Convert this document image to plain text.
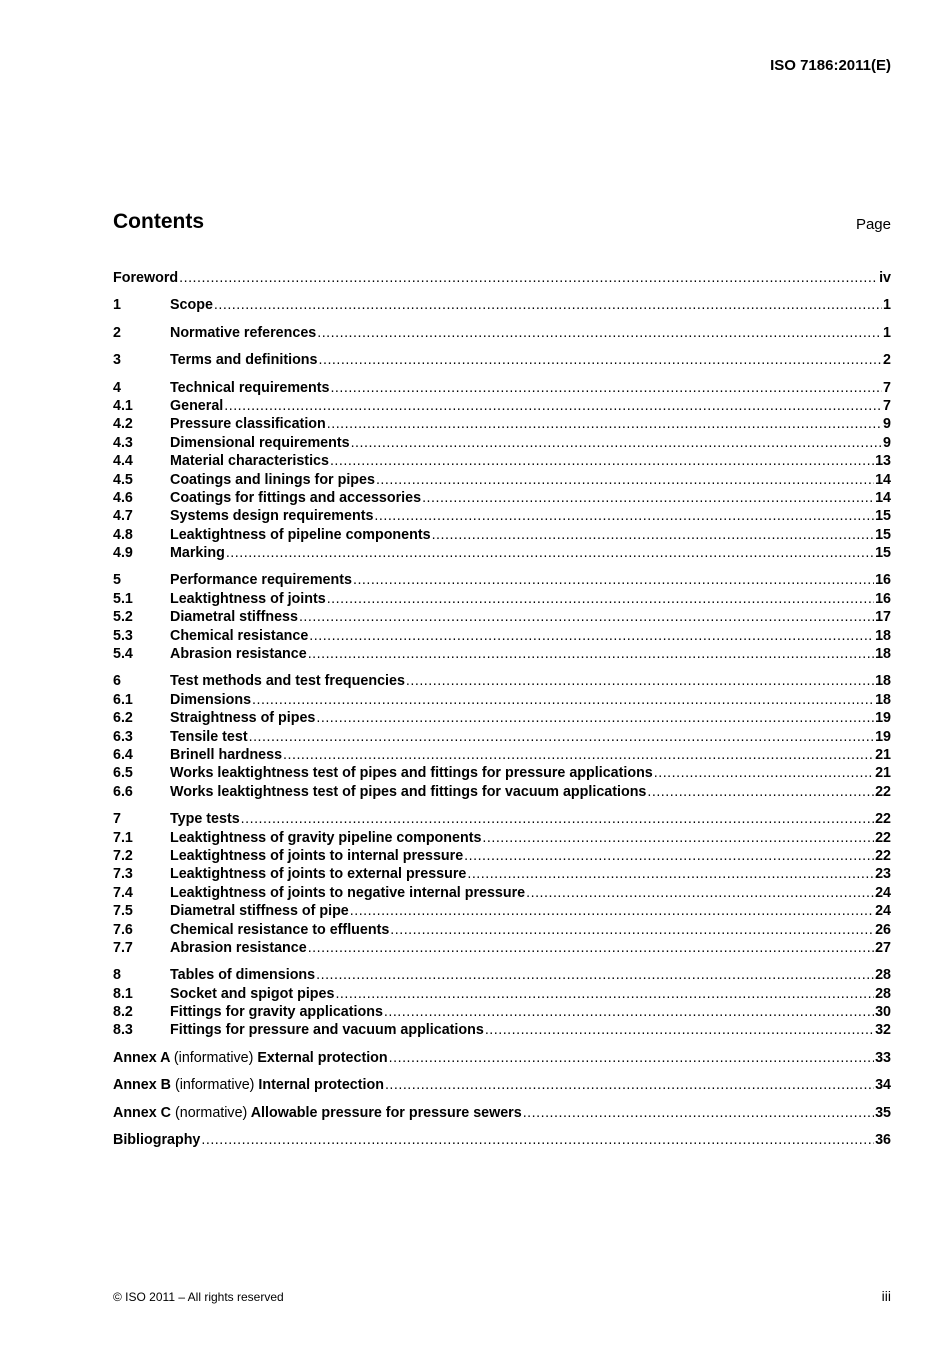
ISO 7186:2011(E)
Contents	Page
Foreword .....	iv
1	Scope .....	1
2	Normative references .....	1
3	Terms and definitions .....	2
4	Technical requirements .....	7
4.1	General .....	7
4.2	Pressure classification .....	9
4.3	Dimensional requirements .....	9
4.4	Material characteristics .....	13
4.5	Coatings and linings for pipes .....	14
4.6	Coatings for fittings and accessories .....	14
4.7	Systems design requirements .....	15
4.8	Leaktightness of pipeline components .....	15
4.9	Marking .....	15
5	Performance requirements .....	16
5.1	Leaktightness of joints .....	16
5.2	Diametral stiffness .....	17
5.3	Chemical resistance .....	18
5.4	Abrasion resistance .....	18
6	Test methods and test frequencies .....	18
6.1	Dimensions .....	18
6.2	Straightness of pipes .....	19
6.3	Tensile test .....	19
6.4	Brinell hardness .....	21
6.5	Works leaktightness test of pipes and fittings for pressure applications .....	21
6.6	Works leaktightness test of pipes and fittings for vacuum applications .....	22
7	Type tests .....	22
7.1	Leaktightness of gravity pipeline components .....	22
7.2	Leaktightness of joints to internal pressure .....	22
7.3	Leaktightness of joints to external pressure .....	23
7.4	Leaktightness of joints to negative internal pressure .....	24
7.5	Diametral stiffness of pipe .....	24
7.6	Chemical resistance to effluents .....	26
7.7	Abrasion resistance .....	27
8	Tables of dimensions .....	28
8.1	Socket and spigot pipes .....	28
8.2	Fittings for gravity applications .....	30
8.3	Fittings for pressure and vacuum applications .....	32
Annex A (informative) External protection .....	33
Annex B (informative) Internal protection .....	34
Annex C (normative) Allowable pressure for pressure sewers .....	35
Bibliography .....	36
© ISO 2011 – All rights reserved	iii
